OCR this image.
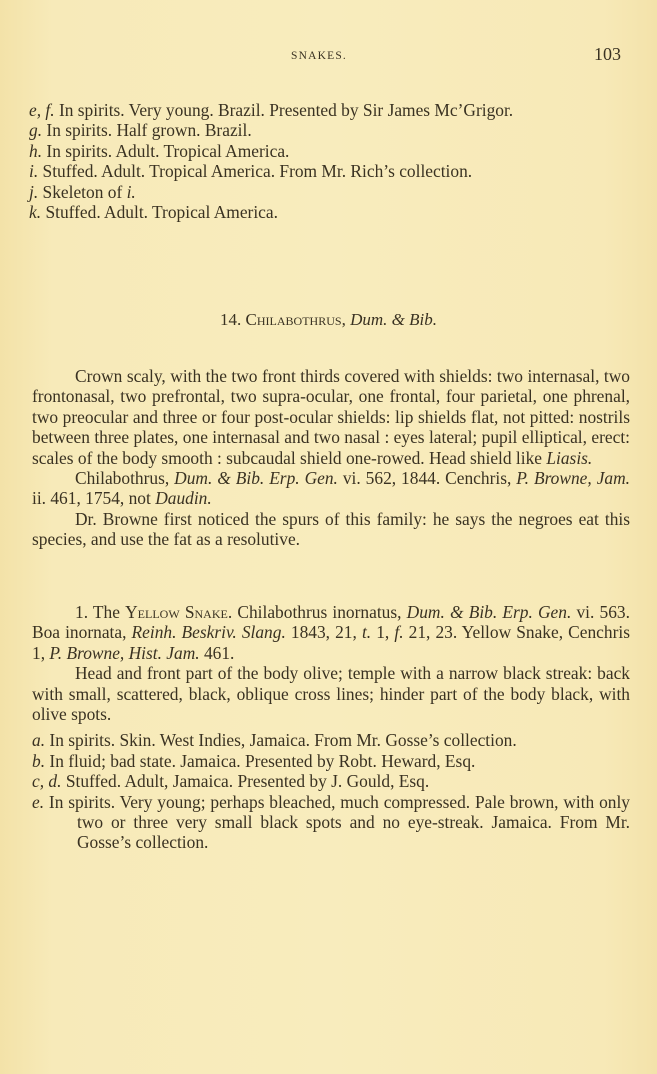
SNAKES.	103
e, f. In spirits. Very young. Brazil. Presented by Sir James Mc’Grigor.
g. In spirits. Half grown. Brazil.
h. In spirits. Adult. Tropical America.
i. Stuffed. Adult. Tropical America. From Mr. Rich’s collection.
j. Skeleton of i.
k. Stuffed. Adult. Tropical America.
14. Chilabothrus, Dum. & Bib.

Crown scaly, with the two front thirds covered with shields: two internasal, two frontonasal, two prefrontal, two supra-ocular, one frontal, four parietal, one phrenal, two preocular and three or four post-ocular shields: lip shields flat, not pitted: nostrils between three plates, one internasal and two nasal : eyes lateral; pupil elliptical, erect: scales of the body smooth : subcaudal shield one-rowed. Head shield like Liasis.

Chilabothrus, Dum. & Bib. Erp. Gen. vi. 562, 1844. Cenchris, P. Browne, Jam. ii. 461, 1754, not Daudin.

Dr. Browne first noticed the spurs of this family: he says the negroes eat this species, and use the fat as a resolutive.

1. The Yellow Snake. Chilabothrus inornatus, Dum. & Bib. Erp. Gen. vi. 563. Boa inornata, Reinh. Beskriv. Slang. 1843, 21, t. 1, f. 21, 23. Yellow Snake, Cenchris 1, P. Browne, Hist. Jam. 461.

Head and front part of the body olive; temple with a narrow black streak: back with small, scattered, black, oblique cross lines; hinder part of the body black, with olive spots.

a. In spirits. Skin. West Indies, Jamaica. From Mr. Gosse’s collection.
b. In fluid; bad state. Jamaica. Presented by Robt. Heward, Esq.
c, d. Stuffed. Adult, Jamaica. Presented by J. Gould, Esq.
e. In spirits. Very young; perhaps bleached, much compressed. Pale brown, with only two or three very small black spots and no eye-streak. Jamaica. From Mr. Gosse’s collection.
